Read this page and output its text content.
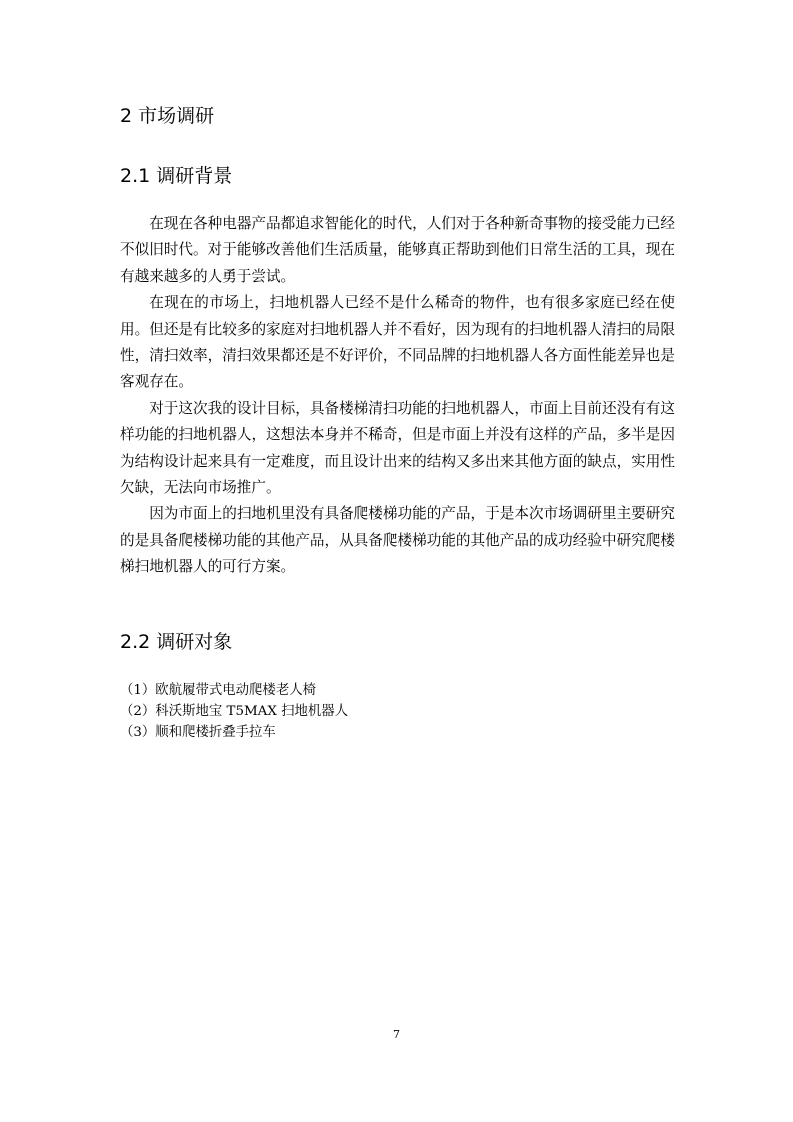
2 市场调研
2.1 调研背景

在现在各种电器产品都追求智能化的时代，人们对于各种新奇事物的接受能力已经不似旧时代。对于能够改善他们生活质量，能够真正帮助到他们日常生活的工具，现在有越来越多的人勇于尝试。

在现在的市场上，扫地机器人已经不是什么稀奇的物件，也有很多家庭已经在使用。但还是有比较多的家庭对扫地机器人并不看好，因为现有的扫地机器人清扫的局限性，清扫效率，清扫效果都还是不好评价，不同品牌的扫地机器人各方面性能差异也是客观存在。

对于这次我的设计目标，具备楼梯清扫功能的扫地机器人，市面上目前还没有有这样功能的扫地机器人，这想法本身并不稀奇，但是市面上并没有这样的产品，多半是因为结构设计起来具有一定难度，而且设计出来的结构又多出来其他方面的缺点，实用性欠缺，无法向市场推广。

因为市面上的扫地机里没有具备爬楼梯功能的产品，于是本次市场调研里主要研究的是具备爬楼梯功能的其他产品，从具备爬楼梯功能的其他产品的成功经验中研究爬楼梯扫地机器人的可行方案。

2.2 调研对象
（1）欧航履带式电动爬楼老人椅
（2）科沃斯地宝 T5MAX 扫地机器人
（3）顺和爬楼折叠手拉车
7
